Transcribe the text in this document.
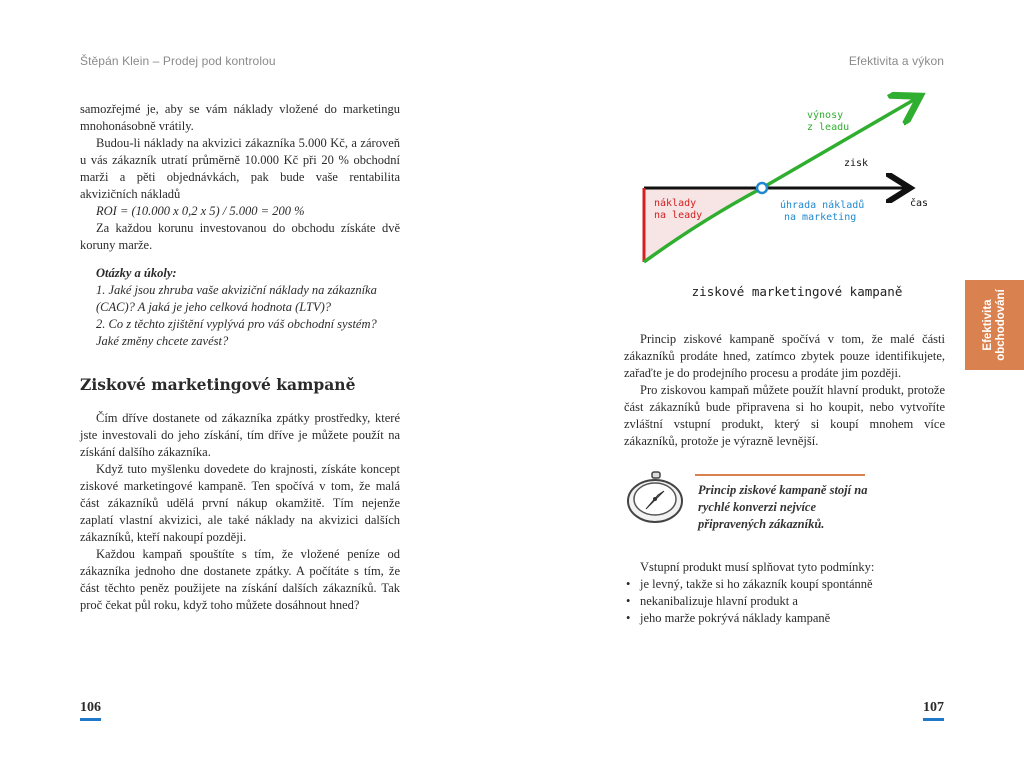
Štěpán Klein – Prodej pod kontrolou

samozřejmé je, aby se vám náklady vložené do marketingu mnohonásobně vrátily.

Budou-li náklady na akvizici zákazníka 5.000 Kč, a zároveň u vás zákazník utratí průměrně 10.000 Kč při 20 % obchodní marži a pěti objednávkách, pak bude vaše rentabilita akvizičních nákladů

ROI = (10.000 x 0,2 x 5) / 5.000 = 200 %

Za každou korunu investovanou do obchodu získáte dvě koruny marže.

Otázky a úkoly:

1. Jaké jsou zhruba vaše akviziční náklady na zákazníka (CAC)? A jaká je jeho celková hodnota (LTV)?

2. Co z těchto zjištění vyplývá pro váš obchodní systém? Jaké změny chcete zavést?

Ziskové marketingové kampaně

Čím dříve dostanete od zákazníka zpátky prostředky, které jste investovali do jeho získání, tím dříve je můžete použít na získání dalšího zákazníka.

Když tuto myšlenku dovedete do krajnosti, získáte koncept ziskové marketingové kampaně. Ten spočívá v tom, že malá část zákazníků udělá první nákup okamžitě. Tím nejenže zaplatí vlastní akvizici, ale také náklady na akvizici dalších zákazníků, kteří nakoupí později.

Každou kampaň spouštíte s tím, že vložené peníze od zákazníka jednoho dne dostanete zpátky. A počítáte s tím, že část těchto peněz použijete na získání dalších zákazníků. Tak proč čekat půl roku, když toho můžete dosáhnout hned?

106
Efektivita a výkon
Efektivita obchodování
výnosy z leadu
zisk
čas
náklady na leady
úhrada nákladů na marketing
ziskové marketingové kampaně

Princip ziskové kampaně spočívá v tom, že malé části zákazníků prodáte hned, zatímco zbytek pouze identifikujete, zařaďte je do prodejního procesu a prodáte jim později.

Pro ziskovou kampaň můžete použít hlavní produkt, protože část zákazníků bude připravena si ho koupit, nebo vytvoříte zvláštní vstupní produkt, který si koupí mnohem více zákazníků, protože je výrazně levnější.

Princip ziskové kampaně stojí na rychlé konverzi nejvíce připravených zákazníků.
Vstupní produkt musí splňovat tyto podmínky:
• je levný, takže si ho zákazník koupí spontánně
• nekanibalizuje hlavní produkt a
• jeho marže pokrývá náklady kampaně
107
